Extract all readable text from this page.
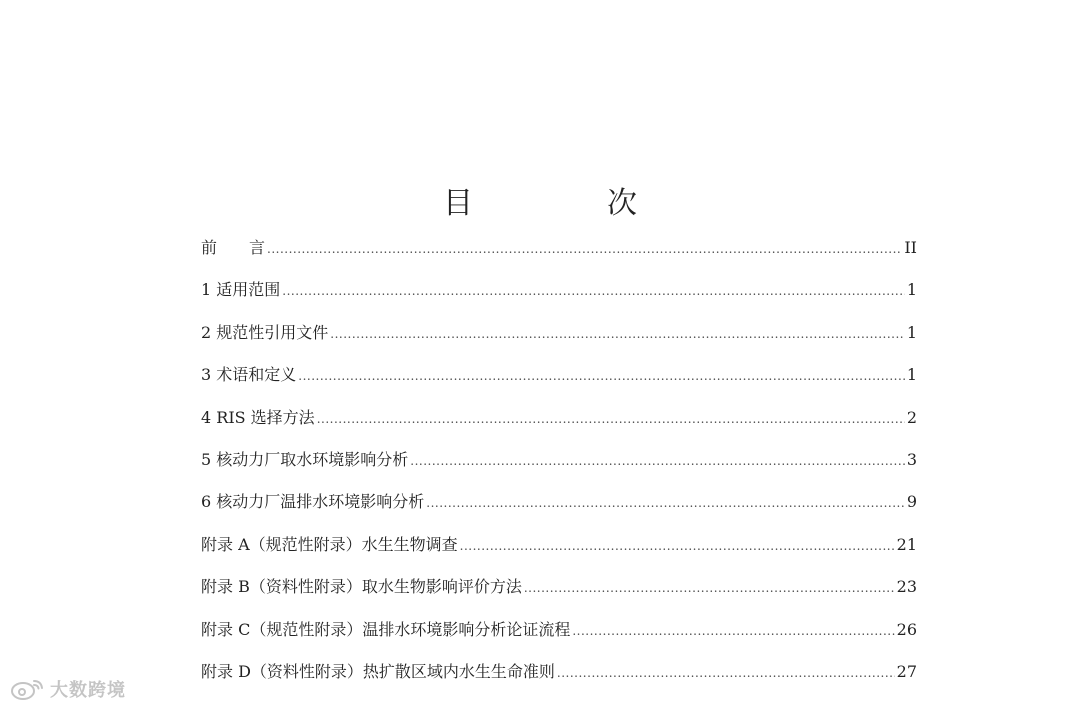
目　次
前　　言 .....	II
1 适用范围 .....	1
2 规范性引用文件 .....	1
3 术语和定义 .....	1
4 RIS 选择方法 .....	2
5 核动力厂取水环境影响分析 .....	3
6 核动力厂温排水环境影响分析 .....	9
附录 A（规范性附录）水生生物调查 .....	21
附录 B（资料性附录）取水生物影响评价方法 .....	23
附录 C（规范性附录）温排水环境影响分析论证流程 .....	26
附录 D（资料性附录）热扩散区域内水生生命准则 .....	27
大数跨境
